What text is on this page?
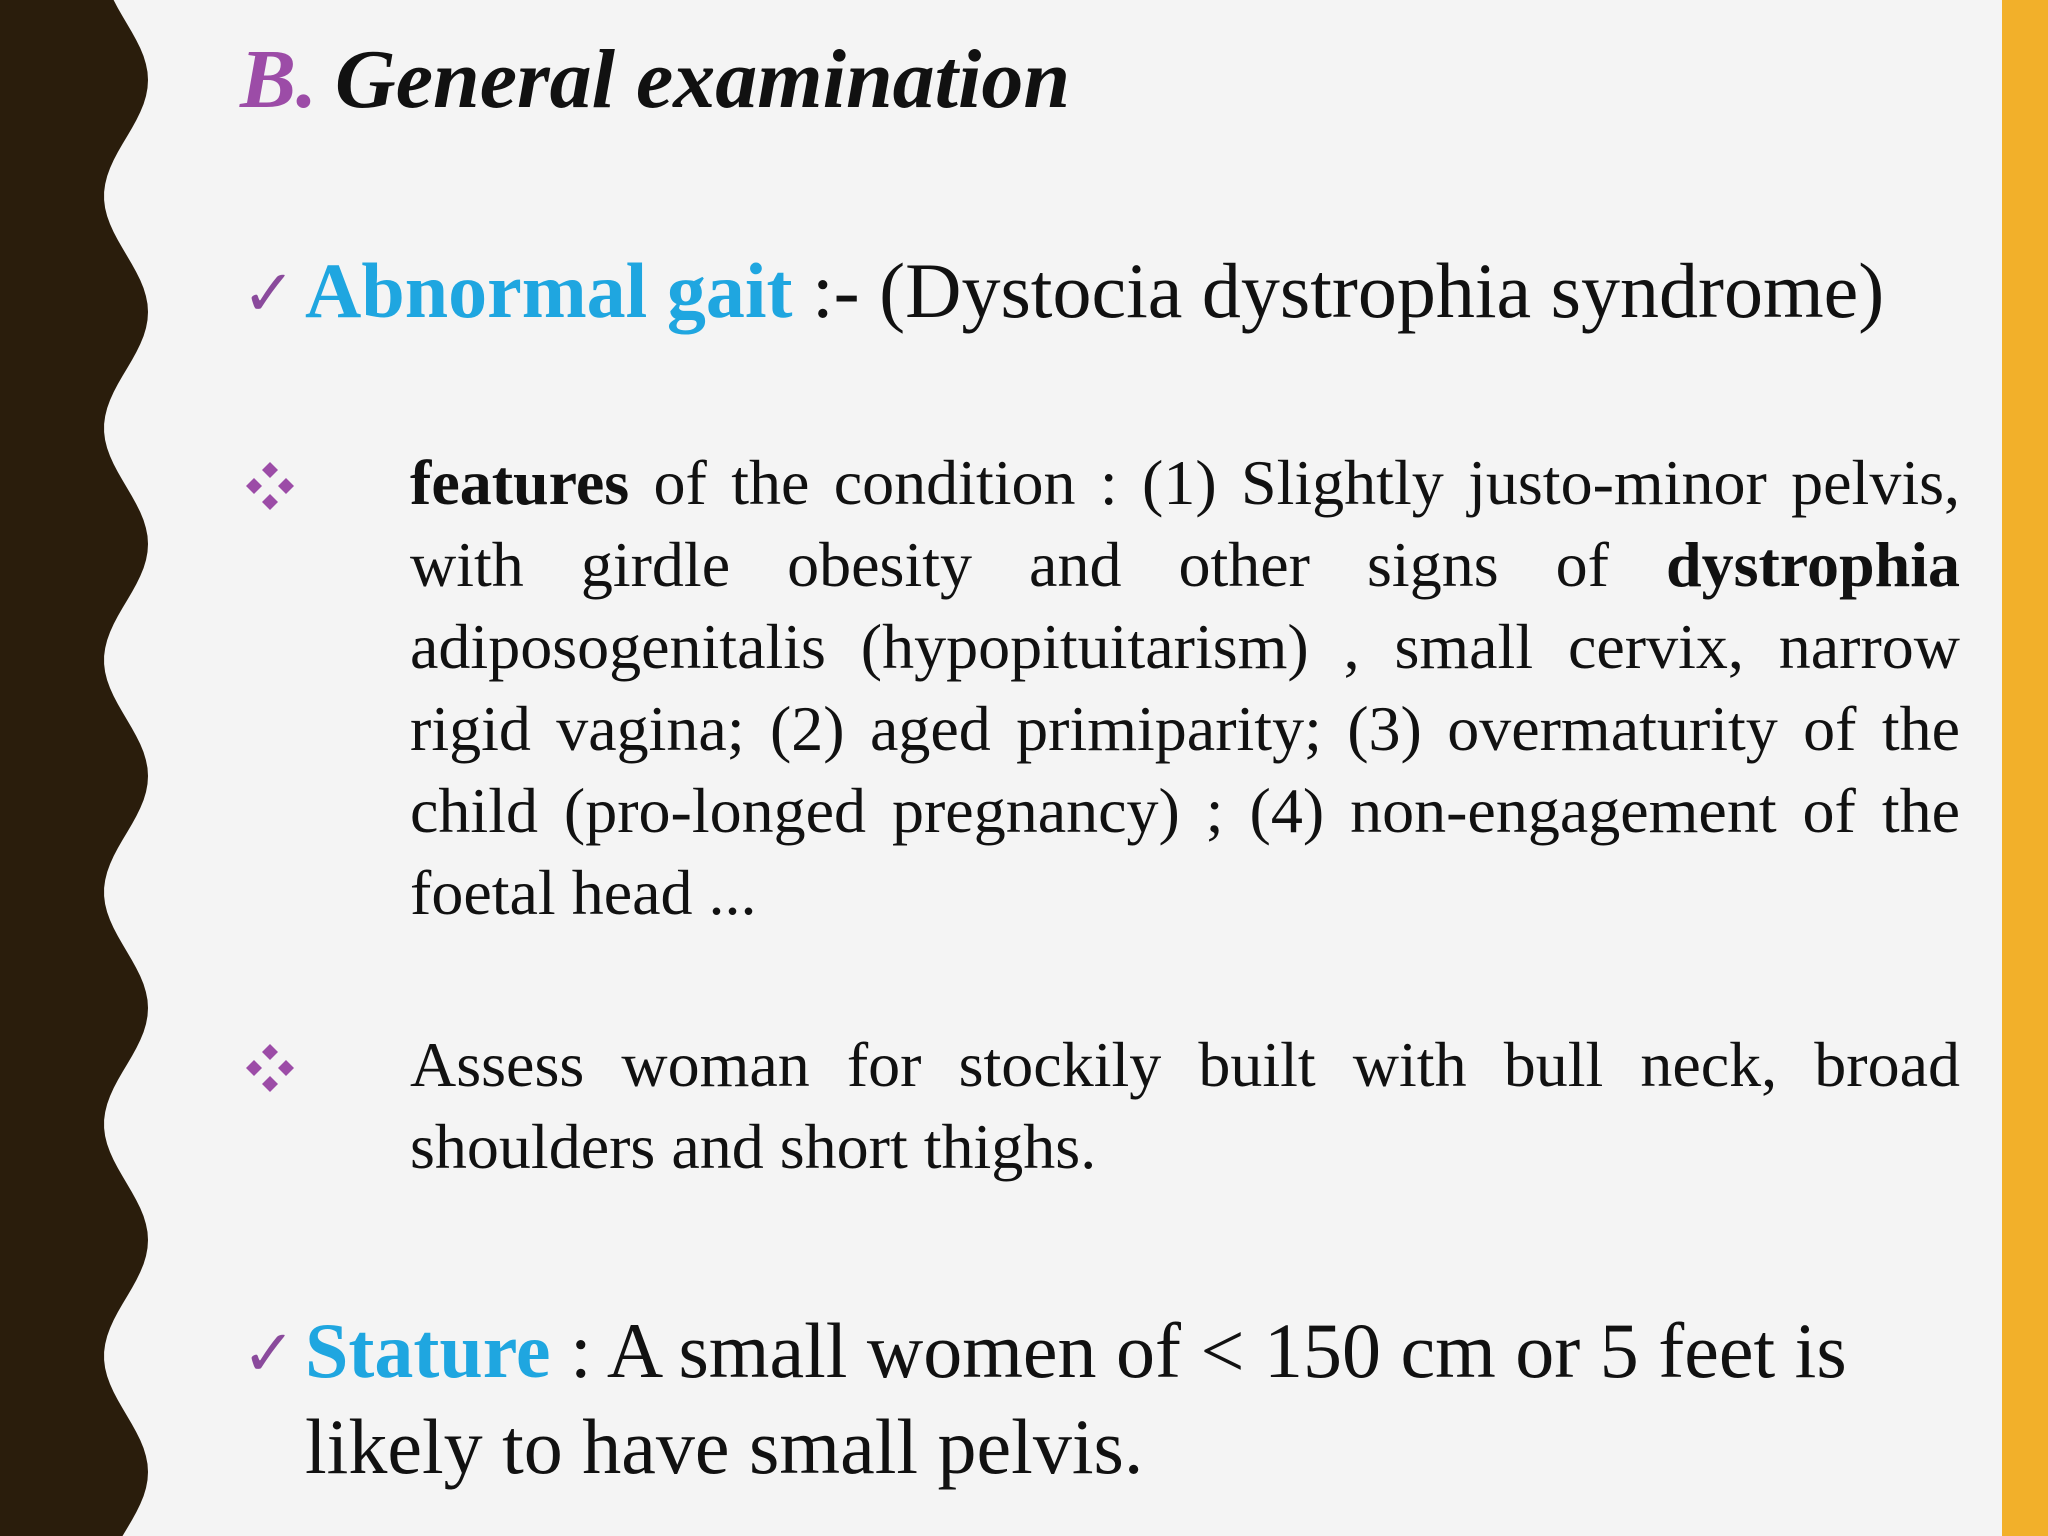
B. General examination
✓ Abnormal gait :- (Dystocia dystrophia syndrome)

features of the condition : (1) Slightly justo-minor pelvis, with girdle obesity and other signs of dystrophia adiposogenitalis (hypopituitarism) , small cervix, narrow rigid vagina; (2) aged primiparity; (3) overmaturity of the child (pro-longed pregnancy) ; (4) non-engagement of the foetal head ...

Assess woman for stockily built with bull neck, broad shoulders and short thighs.

✓ Stature : A small women of < 150 cm or 5 feet is likely to have small pelvis.
